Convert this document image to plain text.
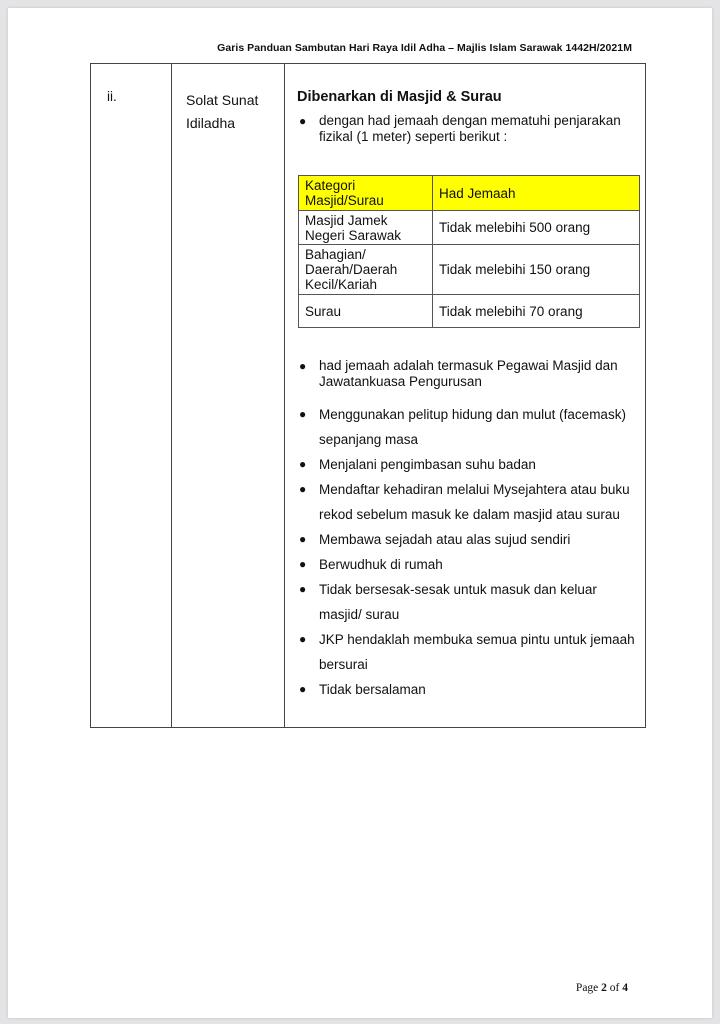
Garis Panduan Sambutan Hari Raya Idil Adha – Majlis Islam Sarawak 1442H/2021M
ii.	Solat Sunat
Idiladha
Dibenarkan di Masjid & Surau
● dengan had jemaah dengan mematuhi penjarakan fizikal (1 meter) seperti berikut :
Kategori Masjid/Surau	Had Jemaah
Masjid Jamek Negeri Sarawak	Tidak melebihi 500 orang
Bahagian/ Daerah/Daerah Kecil/Kariah	Tidak melebihi 150 orang
Surau	Tidak melebihi 70 orang
● had jemaah adalah termasuk Pegawai Masjid dan Jawatankuasa Pengurusan
● Menggunakan pelitup hidung dan mulut (facemask) sepanjang masa
● Menjalani pengimbasan suhu badan
● Mendaftar kehadiran melalui Mysejahtera atau buku rekod sebelum masuk ke dalam masjid atau surau
● Membawa sejadah atau alas sujud sendiri
● Berwudhuk di rumah
● Tidak bersesak-sesak untuk masuk dan keluar masjid/ surau
● JKP hendaklah membuka semua pintu untuk jemaah bersurai
● Tidak bersalaman
Page 2 of 4
